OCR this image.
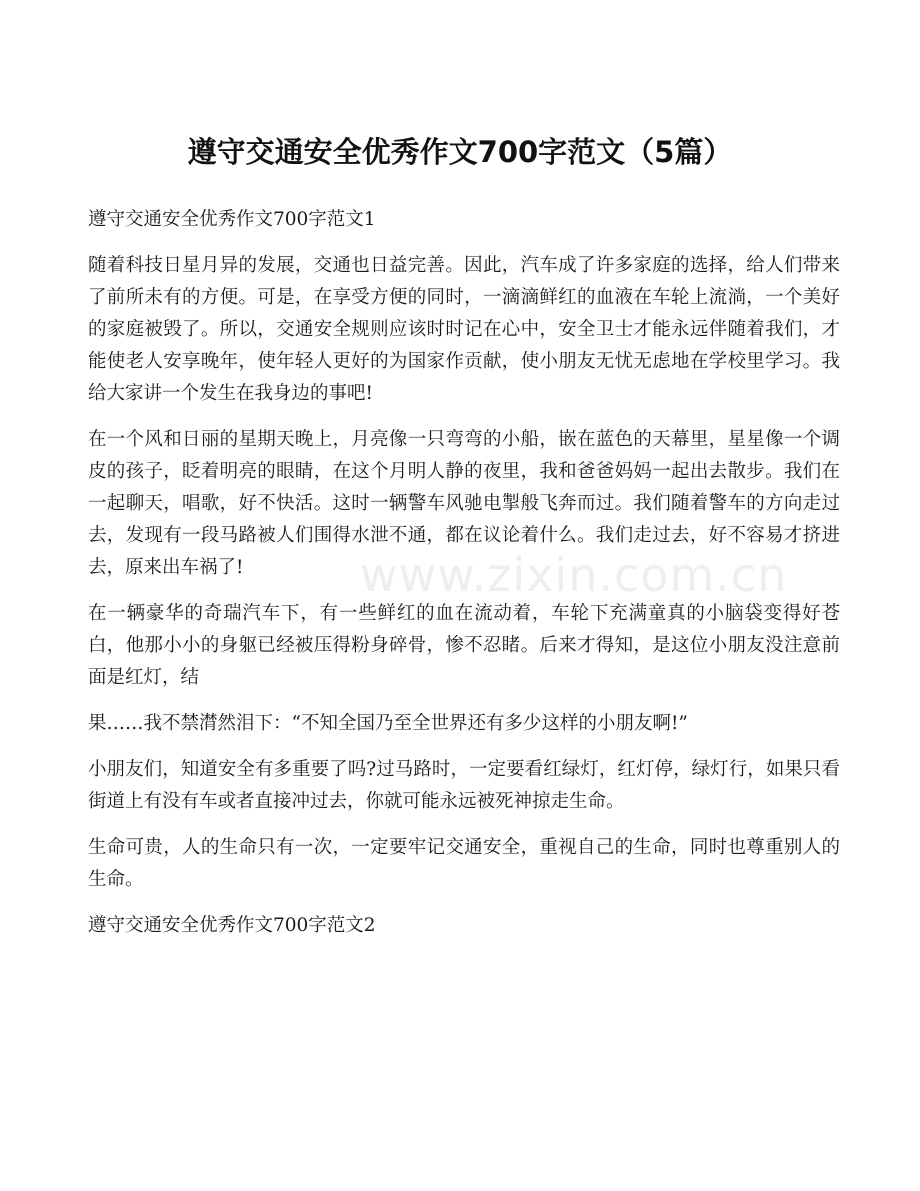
www.zixin.com.cn
遵守交通安全优秀作文700字范文（5篇）

遵守交通安全优秀作文700字范文1

随着科技日星月异的发展，交通也日益完善。因此，汽车成了许多家庭的选择，给人们带来了前所未有的方便。可是，在享受方便的同时，一滴滴鲜红的血液在车轮上流淌，一个美好的家庭被毁了。所以，交通安全规则应该时时记在心中，安全卫士才能永远伴随着我们，才能使老人安享晚年，使年轻人更好的为国家作贡献，使小朋友无忧无虑地在学校里学习。我给大家讲一个发生在我身边的事吧!

在一个风和日丽的星期天晚上，月亮像一只弯弯的小船，嵌在蓝色的天幕里，星星像一个调皮的孩子，眨着明亮的眼睛，在这个月明人静的夜里，我和爸爸妈妈一起出去散步。我们在一起聊天，唱歌，好不快活。这时一辆警车风驰电掣般飞奔而过。我们随着警车的方向走过去，发现有一段马路被人们围得水泄不通，都在议论着什么。我们走过去，好不容易才挤进去，原来出车祸了!

在一辆豪华的奇瑞汽车下，有一些鲜红的血在流动着，车轮下充满童真的小脑袋变得好苍白，他那小小的身躯已经被压得粉身碎骨，惨不忍睹。后来才得知，是这位小朋友没注意前面是红灯，结

果……我不禁潸然泪下：“不知全国乃至全世界还有多少这样的小朋友啊!”

小朋友们，知道安全有多重要了吗?过马路时，一定要看红绿灯，红灯停，绿灯行，如果只看街道上有没有车或者直接冲过去，你就可能永远被死神掠走生命。

生命可贵，人的生命只有一次，一定要牢记交通安全，重视自己的生命，同时也尊重别人的生命。

遵守交通安全优秀作文700字范文2
